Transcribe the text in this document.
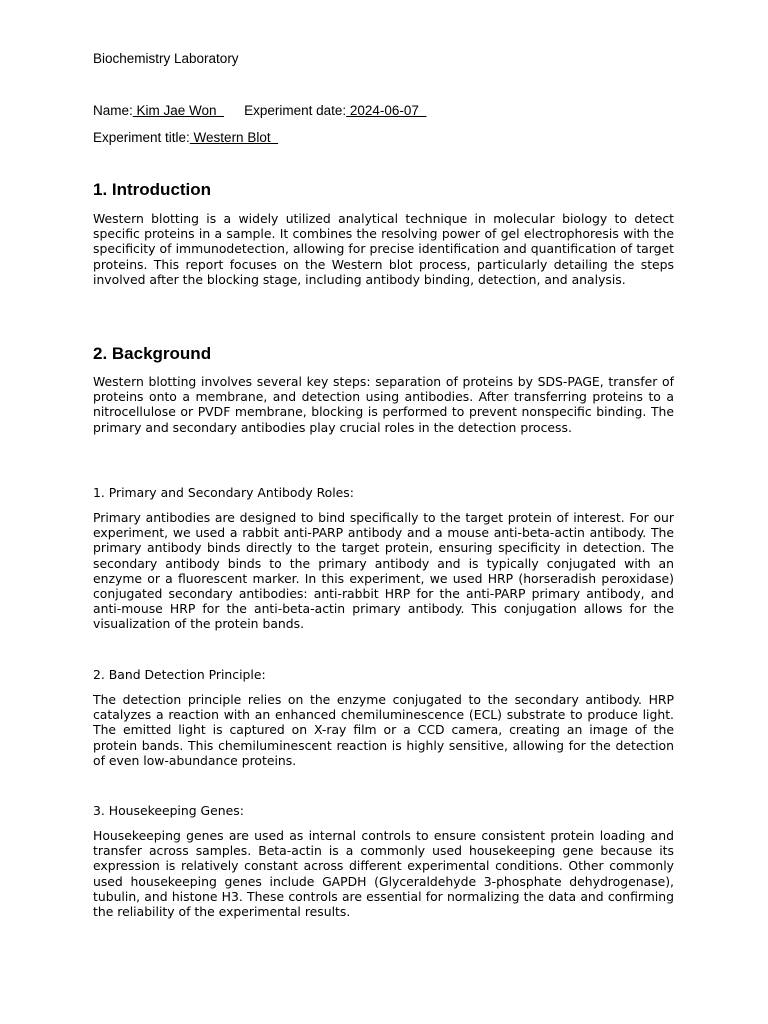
Biochemistry Laboratory
Name: Kim Jae Won  Experiment date: 2024-06-07
Experiment title: Western Blot
1. Introduction

Western blotting is a widely utilized analytical technique in molecular biology to detect specific proteins in a sample. It combines the resolving power of gel electrophoresis with the specificity of immunodetection, allowing for precise identification and quantification of target proteins. This report focuses on the Western blot process, particularly detailing the steps involved after the blocking stage, including antibody binding, detection, and analysis.

2. Background

Western blotting involves several key steps: separation of proteins by SDS-PAGE, transfer of proteins onto a membrane, and detection using antibodies. After transferring proteins to a nitrocellulose or PVDF membrane, blocking is performed to prevent nonspecific binding. The primary and secondary antibodies play crucial roles in the detection process.

1. Primary and Secondary Antibody Roles:

Primary antibodies are designed to bind specifically to the target protein of interest. For our experiment, we used a rabbit anti-PARP antibody and a mouse anti-beta-actin antibody. The primary antibody binds directly to the target protein, ensuring specificity in detection. The secondary antibody binds to the primary antibody and is typically conjugated with an enzyme or a fluorescent marker. In this experiment, we used HRP (horseradish peroxidase) conjugated secondary antibodies: anti-rabbit HRP for the anti-PARP primary antibody, and anti-mouse HRP for the anti-beta-actin primary antibody. This conjugation allows for the visualization of the protein bands.

2. Band Detection Principle:

The detection principle relies on the enzyme conjugated to the secondary antibody. HRP catalyzes a reaction with an enhanced chemiluminescence (ECL) substrate to produce light. The emitted light is captured on X-ray film or a CCD camera, creating an image of the protein bands. This chemiluminescent reaction is highly sensitive, allowing for the detection of even low-abundance proteins.

3. Housekeeping Genes:

Housekeeping genes are used as internal controls to ensure consistent protein loading and transfer across samples. Beta-actin is a commonly used housekeeping gene because its expression is relatively constant across different experimental conditions. Other commonly used housekeeping genes include GAPDH (Glyceraldehyde 3-phosphate dehydrogenase), tubulin, and histone H3. These controls are essential for normalizing the data and confirming the reliability of the experimental results.
